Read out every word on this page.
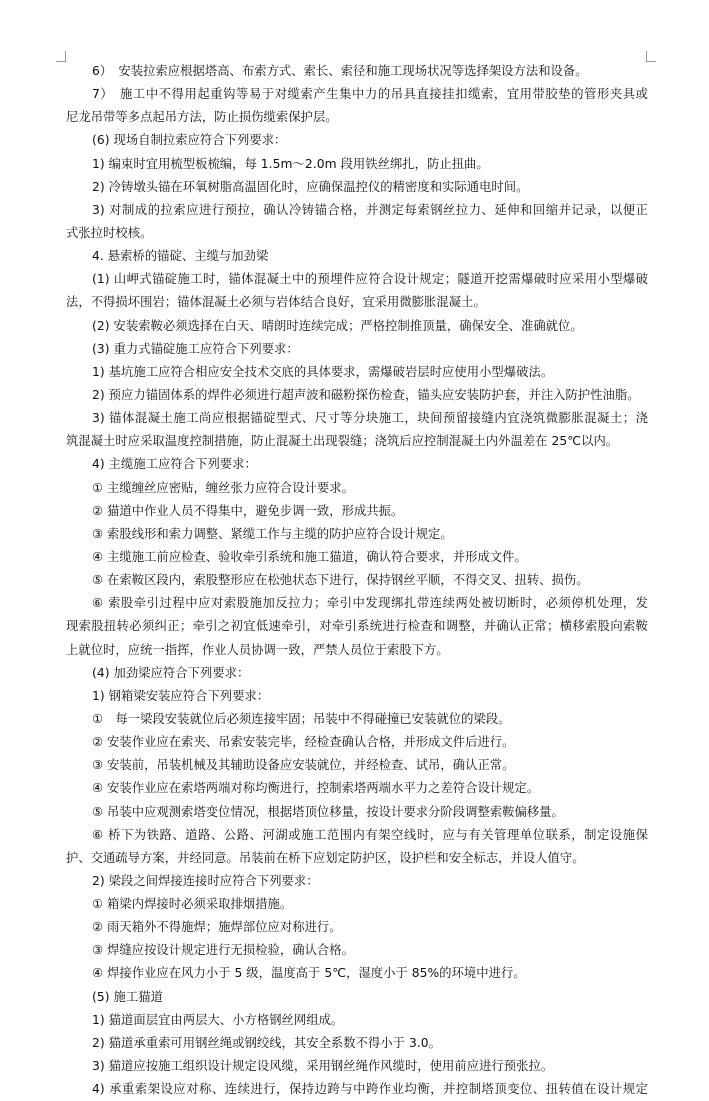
6）　安装拉索应根据塔高、布索方式、索长、索径和施工现场状况等选择架设方法和设备。
7）　施工中不得用起重钩等易于对缆索产生集中力的吊具直接挂扣缆索，宜用带胶垫的管形夹具或
尼龙吊带等多点起吊方法，防止损伤缆索保护层。
(6) 现场自制拉索应符合下列要求：
1) 编束时宜用梳型板梳编，每 1.5m～2.0m 段用铁丝绑扎，防止扭曲。
2) 冷铸墩头锚在环氧树脂高温固化时，应确保温控仪的精密度和实际通电时间。
3) 对制成的拉索应进行预拉，确认冷铸锚合格，并测定每索钢丝拉力、延伸和回缩并记录，以便正
式张拉时校核。
4. 悬索桥的锚碇、主缆与加劲梁
(1) 山岬式锚碇施工时，锚体混凝土中的预埋件应符合设计规定；隧道开挖需爆破时应采用小型爆破
法，不得损坏围岩；锚体混凝土必须与岩体结合良好，宜采用微膨胀混凝土。
(2) 安装索鞍必须选择在白天、晴朗时连续完成；严格控制推顶量，确保安全、准确就位。
(3) 重力式锚碇施工应符合下列要求：
1) 基坑施工应符合相应安全技术交底的具体要求，需爆破岩层时应使用小型爆破法。
2) 预应力锚固体系的焊件必须进行超声波和磁粉探伤检查，锚头应安装防护套，并注入防护性油脂。
3) 锚体混凝土施工尚应根据锚碇型式、尺寸等分块施工，块间预留接缝内宜浇筑微膨胀混凝土；浇
筑混凝土时应采取温度控制措施，防止混凝土出现裂缝；浇筑后应控制混凝土内外温差在 25℃以内。
4) 主缆施工应符合下列要求：
① 主缆缠丝应密贴，缠丝张力应符合设计要求。
② 猫道中作业人员不得集中，避免步调一致，形成共振。
③ 索股线形和索力调整、紧缆工作与主缆的防护应符合设计规定。
④ 主缆施工前应检查、验收牵引系统和施工猫道，确认符合要求，并形成文件。
⑤ 在索鞍区段内，索股整形应在松弛状态下进行，保持钢丝平顺，不得交叉、扭转、损伤。
⑥ 索股牵引过程中应对索股施加反拉力；牵引中发现绑扎带连续两处被切断时，必须停机处理，发
现索股扭转必须纠正；牵引之初宜低速牵引，对牵引系统进行检查和调整，并确认正常；横移索股向索鞍
上就位时，应统一指挥，作业人员协调一致，严禁人员位于索股下方。
(4) 加劲梁应符合下列要求：
1) 钢箱梁安装应符合下列要求：
①　每一梁段安装就位后必须连接牢固；吊装中不得碰撞已安装就位的梁段。
② 安装作业应在索夹、吊索安装完毕，经检查确认合格，并形成文件后进行。
③ 安装前，吊装机械及其辅助设备应安装就位，并经检查、试吊，确认正常。
④ 安装作业应在索塔两端对称均衡进行，控制索塔两端水平力之差符合设计规定。
⑤ 吊装中应观测索塔变位情况，根据塔顶位移量，按设计要求分阶段调整索鞍偏移量。
⑥ 桥下为铁路、道路、公路、河湖或施工范围内有架空线时，应与有关管理单位联系，制定设施保
护、交通疏导方案，并经同意。吊装前在桥下应划定防护区，设护栏和安全标志，并设人值守。
2) 梁段之间焊接连接时应符合下列要求：
① 箱梁内焊接时必须采取排烟措施。
② 雨天箱外不得施焊；施焊部位应对称进行。
③ 焊缝应按设计规定进行无损检验，确认合格。
④ 焊接作业应在风力小于 5 级，温度高于 5℃，湿度小于 85%的环境中进行。
(5) 施工猫道
1) 猫道面层宜由两层大、小方格钢丝网组成。
2) 猫道承重索可用钢丝绳或钢绞线，其安全系数不得小于 3.0。
3) 猫道应按施工组织设计规定设风缆，采用钢丝绳作风缆时，使用前应进行预张拉。
4) 承重索架设应对称、连续进行，保持边跨与中跨作业均衡，并控制塔顶变位、扭转值在设计规定
